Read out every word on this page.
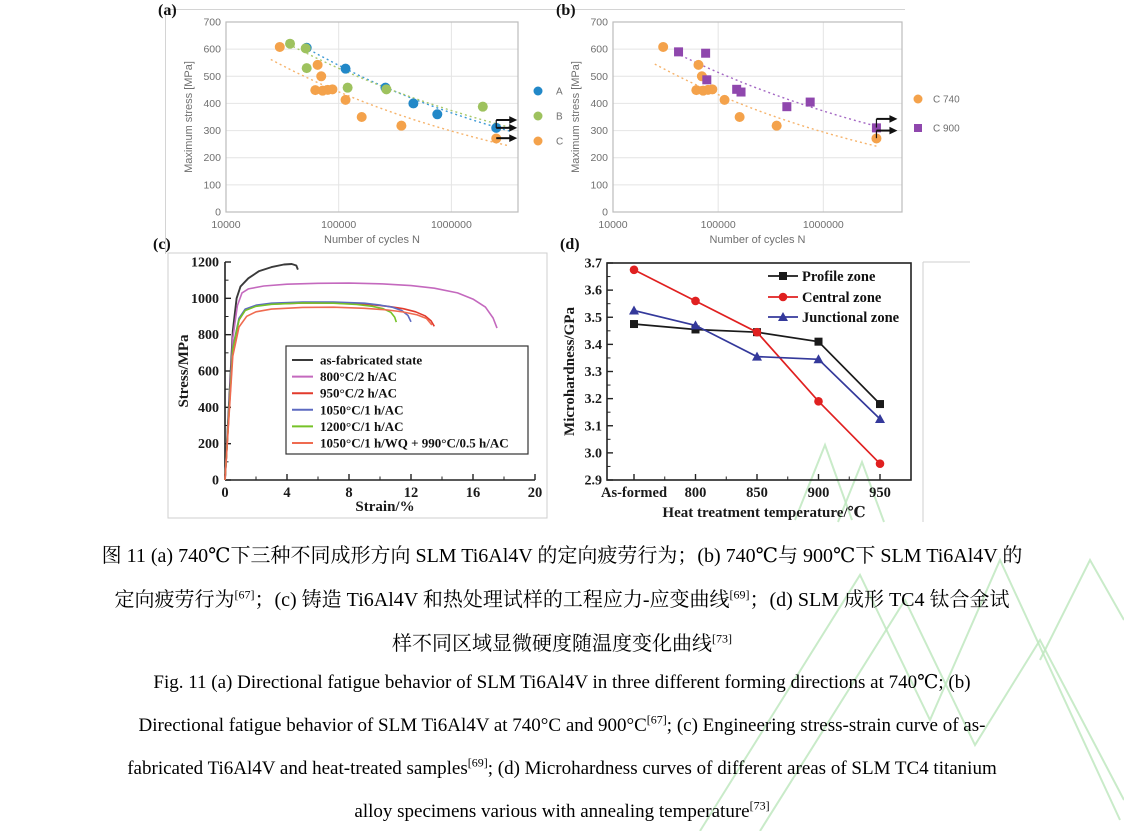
(a)	(b)
(c)	(d)
0
100
200
300
400
500
600
700
10000	100000	1000000
Number of cycles N
Maximum stress [MPa]	A
B
C
0
100
200
300
400
500
600
700
10000	100000	1000000
Number of cycles N
Maximum stress [MPa]	C 740
C 900
0	4	8	12	16	20
0
200
400
600
800
1000
1200
Strain/%
Stress/MPa	as-fabricated state
800°C/2 h/AC
950°C/2 h/AC
1050°C/1 h/AC
1200°C/1 h/AC
1050°C/1 h/WQ + 990°C/0.5 h/AC
2.9
3.0
3.1
3.2
3.3
3.4
3.5
3.6
3.7
As-formed 800	850	900	950
Heat treatment temperature/℃
Microhardness/GPa
Profile zone
Central zone
Junctional zone
图 11 (a) 740℃下三种不同成形方向 SLM Ti6Al4V 的定向疲劳行为；(b) 740℃与 900℃下 SLM Ti6Al4V 的
定向疲劳行为[67]；(c) 铸造 Ti6Al4V 和热处理试样的工程应力-应变曲线[69]；(d) SLM 成形 TC4 钛合金试
样不同区域显微硬度随温度变化曲线[73]
Fig. 11 (a) Directional fatigue behavior of SLM Ti6Al4V in three different forming directions at 740℃; (b)
Directional fatigue behavior of SLM Ti6Al4V at 740°C and 900°C[67]; (c) Engineering stress-strain curve of as-
fabricated Ti6Al4V and heat-treated samples[69]; (d) Microhardness curves of different areas of SLM TC4 titanium
alloy specimens various with annealing temperature[73]
